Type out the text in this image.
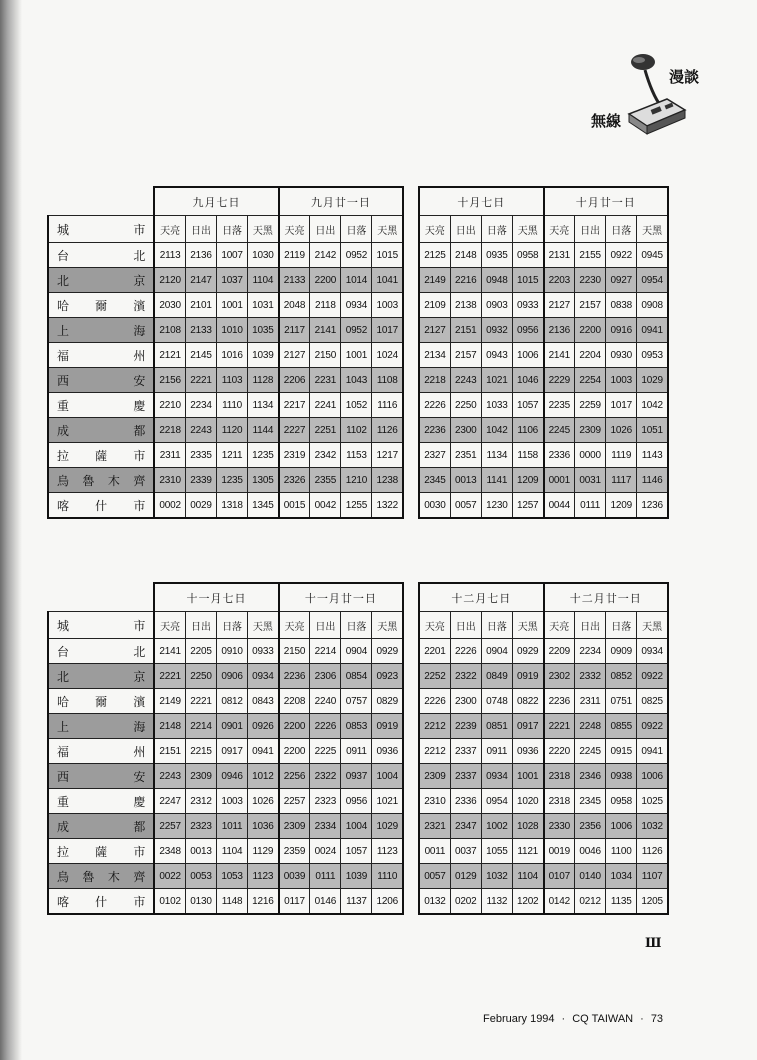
漫談
無線
	九月七日				九月廿一日					十月七日				十月廿一日			

城 市	天亮	日出	日落	天黑	天亮	日出	日落	天黑		天亮	日出	日落	天黑	天亮	日出	日落	天黑

台 北	2113	2136	1007	1030	2119	2142	0952	1015		2125	2148	0935	0958	2131	2155	0922	0945

北 京	2120	2147	1037	1104	2133	2200	1014	1041		2149	2216	0948	1015	2203	2230	0927	0954

哈 爾 濱	2030	2101	1001	1031	2048	2118	0934	1003		2109	2138	0903	0933	2127	2157	0838	0908

上 海	2108	2133	1010	1035	2117	2141	0952	1017		2127	2151	0932	0956	2136	2200	0916	0941

福 州	2121	2145	1016	1039	2127	2150	1001	1024		2134	2157	0943	1006	2141	2204	0930	0953

西 安	2156	2221	1103	1128	2206	2231	1043	1108		2218	2243	1021	1046	2229	2254	1003	1029

重 慶	2210	2234	1110	1134	2217	2241	1052	1116		2226	2250	1033	1057	2235	2259	1017	1042

成 都	2218	2243	1120	1144	2227	2251	1102	1126		2236	2300	1042	1106	2245	2309	1026	1051

拉 薩 市	2311	2335	1211	1235	2319	2342	1153	1217		2327	2351	1134	1158	2336	0000	1119	1143

烏 魯 木 齊	2310	2339	1235	1305	2326	2355	1210	1238		2345	0013	1141	1209	0001	0031	1117	1146

喀 什 市	0002	0029	1318	1345	0015	0042	1255	1322		0030	0057	1230	1257	0044	0111	1209	1236
	十一月七日				十一月廿一日					十二月七日				十二月廿一日			

城 市	天亮	日出	日落	天黑	天亮	日出	日落	天黑		天亮	日出	日落	天黑	天亮	日出	日落	天黑

台 北	2141	2205	0910	0933	2150	2214	0904	0929		2201	2226	0904	0929	2209	2234	0909	0934

北 京	2221	2250	0906	0934	2236	2306	0854	0923		2252	2322	0849	0919	2302	2332	0852	0922

哈 爾 濱	2149	2221	0812	0843	2208	2240	0757	0829		2226	2300	0748	0822	2236	2311	0751	0825

上 海	2148	2214	0901	0926	2200	2226	0853	0919		2212	2239	0851	0917	2221	2248	0855	0922

福 州	2151	2215	0917	0941	2200	2225	0911	0936		2212	2337	0911	0936	2220	2245	0915	0941

西 安	2243	2309	0946	1012	2256	2322	0937	1004		2309	2337	0934	1001	2318	2346	0938	1006

重 慶	2247	2312	1003	1026	2257	2323	0956	1021		2310	2336	0954	1020	2318	2345	0958	1025

成 都	2257	2323	1011	1036	2309	2334	1004	1029		2321	2347	1002	1028	2330	2356	1006	1032

拉 薩 市	2348	0013	1104	1129	2359	0024	1057	1123		0011	0037	1055	1121	0019	0046	1100	1126

烏 魯 木 齊	0022	0053	1053	1123	0039	0111	1039	1110		0057	0129	1032	1104	0107	0140	1034	1107

喀 什 市	0102	0130	1148	1216	0117	0146	1137	1206		0132	0202	1132	1202	0142	0212	1135	1205
Ш
February 1994 · CQ TAIWAN · 73
